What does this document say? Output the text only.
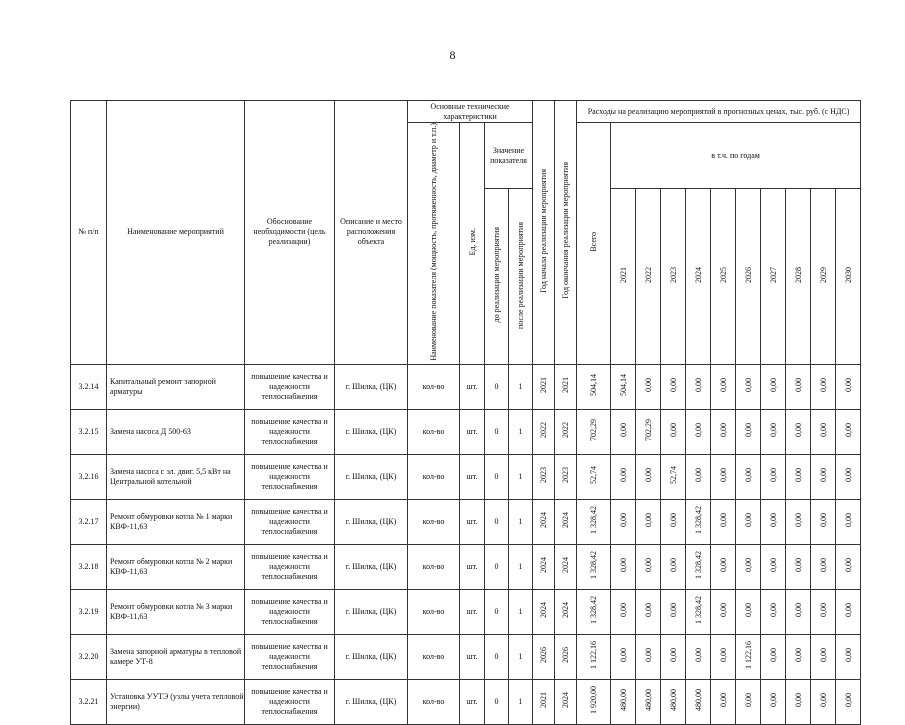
8
№ п/п	Наименование мероприятий	Обоснование необходимости (цель реализации)	Описание и место расположения объекта	Основные технические характеристики				Год начала реализации мероприятия	Год окончания реализации мероприятия	Расходы на реализацию мероприятий в прогнозных ценах, тыс. руб. (с НДС)										
				Наименование показателя (мощность, протяженность, диаметр и т.п.)	Ед. изм.	Значение показателя				Всего	в т.ч. по годам									
						до реализации мероприятия	после реализации мероприятия				2021	2022	2023	2024	2025	2026	2027	2028	2029	2030
3.2.14	Капитальный ремонт запорной арматуры	повышение качества и надежности теплоснабжения	г. Шилка, (ЦК)	кол-во	шт.	0	1	2021	2021	504,14	504,14	0,00	0,00	0,00	0,00	0,00	0,00	0,00	0,00	0,00
3.2.15	Замена насоса Д 500-63	повышение качества и надежности теплоснабжения	г. Шилка, (ЦК)	кол-во	шт.	0	1	2022	2022	702,29	0,00	702,29	0,00	0,00	0,00	0,00	0,00	0,00	0,00	0,00
3.2.16	Замена насоса с эл. двиг. 5,5 кВт на Центральной котельной	повышение качества и надежности теплоснабжения	г. Шилка, (ЦК)	кол-во	шт.	0	1	2023	2023	52,74	0,00	0,00	52,74	0,00	0,00	0,00	0,00	0,00	0,00	0,00
3.2.17	Ремонт обмуровки котла № 1 марки КВФ-11,63	повышение качества и надежности теплоснабжения	г. Шилка, (ЦК)	кол-во	шт.	0	1	2024	2024	1 328,42	0,00	0,00	0,00	1 328,42	0,00	0,00	0,00	0,00	0,00	0,00
3.2.18	Ремонт обмуровки котла № 2 марки КВФ-11,63	повышение качества и надежности теплоснабжения	г. Шилка, (ЦК)	кол-во	шт.	0	1	2024	2024	1 328,42	0,00	0,00	0,00	1 328,42	0,00	0,00	0,00	0,00	0,00	0,00
3.2.19	Ремонт обмуровки котла № 3 марки КВФ-11,63	повышение качества и надежности теплоснабжения	г. Шилка, (ЦК)	кол-во	шт.	0	1	2024	2024	1 328,42	0,00	0,00	0,00	1 328,42	0,00	0,00	0,00	0,00	0,00	0,00
3.2.20	Замена запорной арматуры в тепловой камере УТ-8	повышение качества и надежности теплоснабжения	г. Шилка, (ЦК)	кол-во	шт.	0	1	2026	2026	1 122,16	0,00	0,00	0,00	0,00	0,00	1 122,16	0,00	0,00	0,00	0,00
3.2.21	Установка УУТЭ (узлы учета тепловой энергии)	повышение качества и надежности теплоснабжения	г. Шилка, (ЦК)	кол-во	шт.	0	1	2021	2024	1 920,00	480,00	480,00	480,00	480,00	0,00	0,00	0,00	0,00	0,00	0,00
